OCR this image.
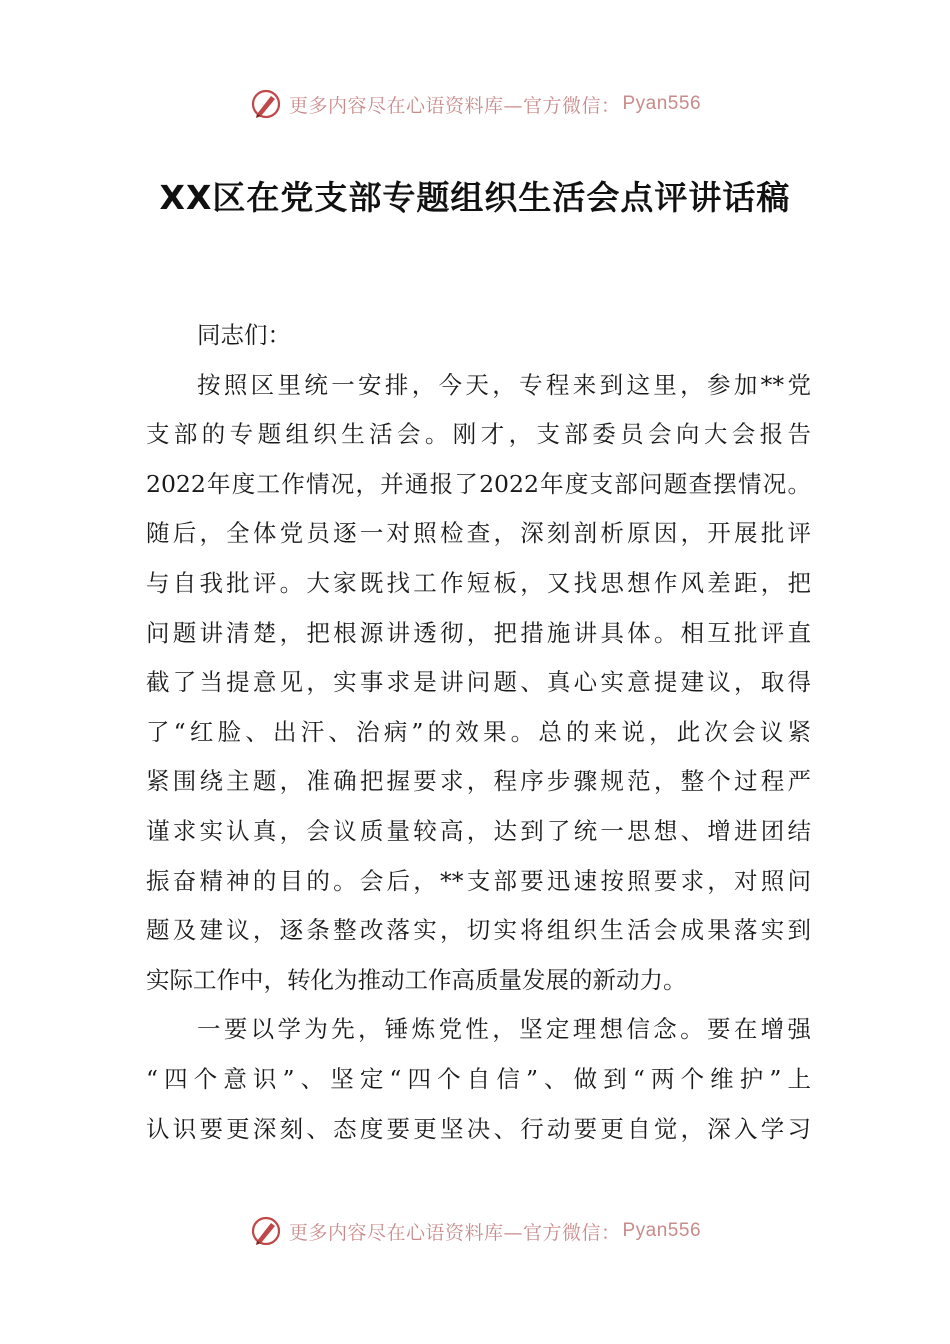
更多内容尽在心语资料库—官方微信： Pyan556
XX区在党支部专题组织生活会点评讲话稿
同志们：
按照区里统一安排，今天，专程来到这里，参加**党
支部的专题组织生活会。刚才，支部委员会向大会报告
2022年度工作情况，并通报了2022年度支部问题查摆情况。
随后，全体党员逐一对照检查，深刻剖析原因，开展批评
与自我批评。大家既找工作短板，又找思想作风差距，把
问题讲清楚，把根源讲透彻，把措施讲具体。相互批评直
截了当提意见，实事求是讲问题、真心实意提建议，取得
了“红脸、出汗、治病”的效果。总的来说，此次会议紧
紧围绕主题，准确把握要求，程序步骤规范，整个过程严
谨求实认真，会议质量较高，达到了统一思想、增进团结
振奋精神的目的。会后，**支部要迅速按照要求，对照问
题及建议，逐条整改落实，切实将组织生活会成果落实到
实际工作中，转化为推动工作高质量发展的新动力。
一要以学为先，锤炼党性，坚定理想信念。要在增强
“四个意识”、坚定“四个自信”、做到“两个维护”上
认识要更深刻、态度要更坚决、行动要更自觉，深入学习
更多内容尽在心语资料库—官方微信： Pyan556
